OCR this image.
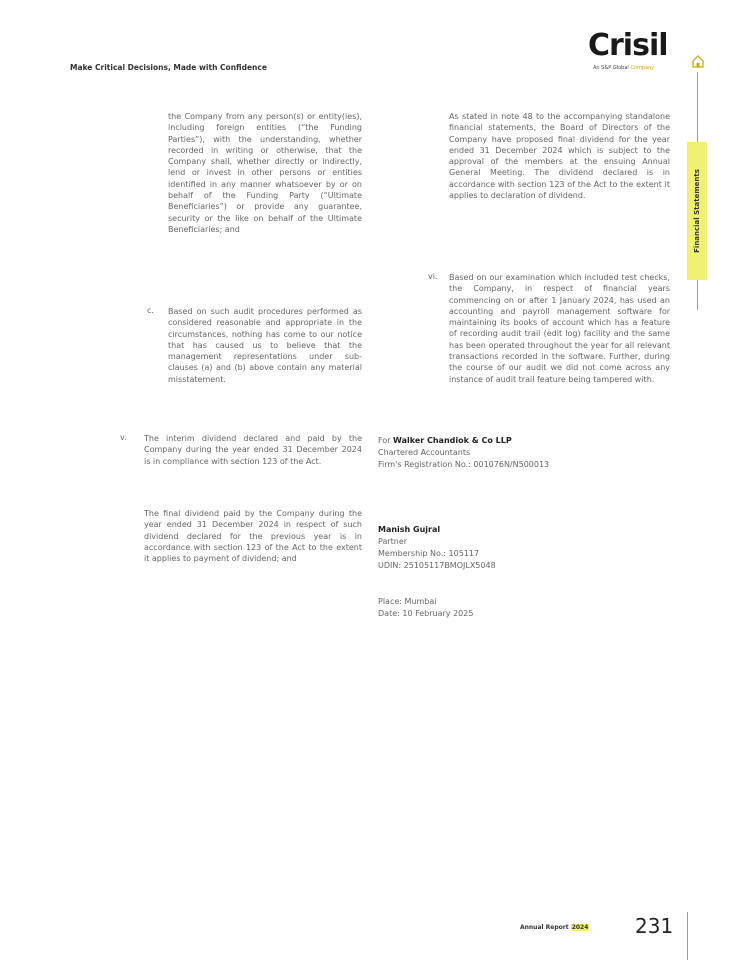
Make Critical Decisions, Made with Confidence
Crisil
An S&P Global Company
Financial Statements

the Company from any person(s) or entity(ies), including foreign entities (“the Funding Parties”), with the understanding, whether recorded in writing or otherwise, that the Company shall, whether directly or indirectly, lend or invest in other persons or entities identified in any manner whatsoever by or on behalf of the Funding Party (“Ultimate Beneficiaries”) or provide any guarantee, security or the like on behalf of the Ultimate Beneficiaries; and

c. Based on such audit procedures performed as considered reasonable and appropriate in the circumstances, nothing has come to our notice that has caused us to believe that the management representations under sub-clauses (a) and (b) above contain any material misstatement.

v. The interim dividend declared and paid by the Company during the year ended 31 December 2024 is in compliance with section 123 of the Act.

The final dividend paid by the Company during the year ended 31 December 2024 in respect of such dividend declared for the previous year is in accordance with section 123 of the Act to the extent it applies to payment of dividend; and

As stated in note 48 to the accompanying standalone financial statements, the Board of Directors of the Company have proposed final dividend for the year ended 31 December 2024 which is subject to the approval of the members at the ensuing Annual General Meeting. The dividend declared is in accordance with section 123 of the Act to the extent it applies to declaration of dividend.

vi. Based on our examination which included test checks, the Company, in respect of financial years commencing on or after 1 January 2024, has used an accounting and payroll management software for maintaining its books of account which has a feature of recording audit trail (edit log) facility and the same has been operated throughout the year for all relevant transactions recorded in the software. Further, during the course of our audit we did not come across any instance of audit trail feature being tampered with.

For Walker Chandiok & Co LLP
Chartered Accountants
Firm's Registration No.: 001076N/N500013
Manish Gujral
Partner
Membership No.: 105117
UDIN: 25105117BMOJLX5048
Place: Mumbai
Date: 10 February 2025
Annual Report 2024 231
